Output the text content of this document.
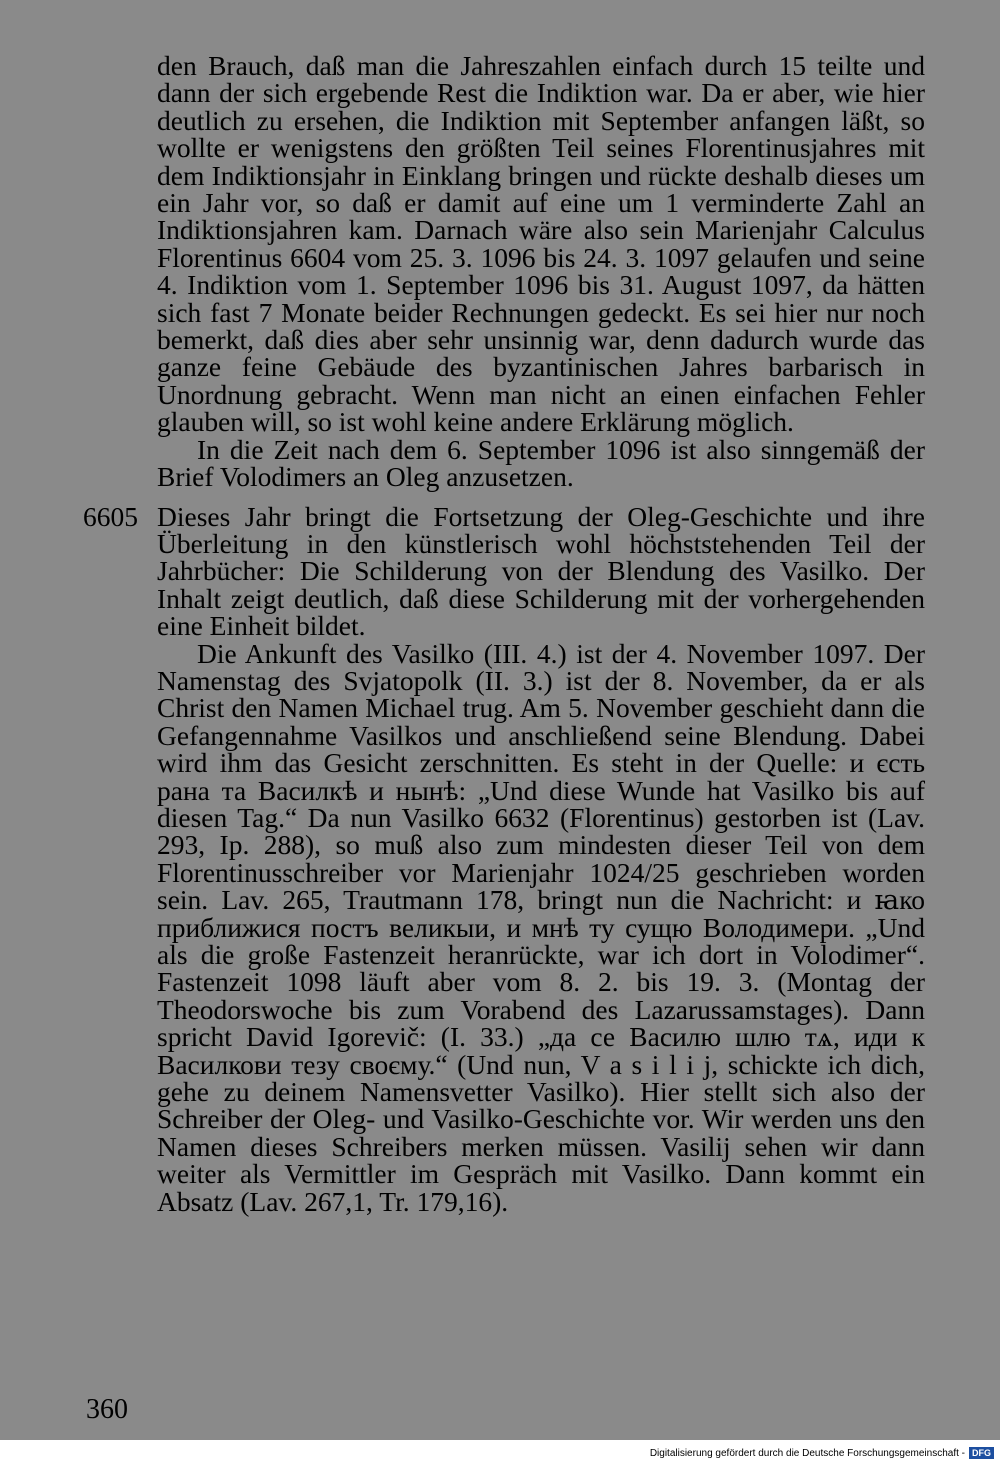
den Brauch, daß man die Jahreszahlen einfach durch 15 teilte und dann der sich ergebende Rest die Indiktion war. Da er aber, wie hier deutlich zu ersehen, die Indiktion mit September anfangen läßt, so wollte er wenigstens den größten Teil seines Florentinusjahres mit dem Indiktionsjahr in Einklang bringen und rückte deshalb dieses um ein Jahr vor, so daß er damit auf eine um 1 verminderte Zahl an Indiktionsjahren kam. Darnach wäre also sein Marienjahr Calculus Florentinus 6604 vom 25. 3. 1096 bis 24. 3. 1097 gelaufen und seine 4. Indiktion vom 1. September 1096 bis 31. August 1097, da hätten sich fast 7 Monate beider Rechnungen gedeckt. Es sei hier nur noch bemerkt, daß dies aber sehr unsinnig war, denn dadurch wurde das ganze feine Gebäude des byzantinischen Jahres barbarisch in Unordnung gebracht. Wenn man nicht an einen einfachen Fehler glauben will, so ist wohl keine andere Erklärung möglich.

In die Zeit nach dem 6. September 1096 ist also sinngemäß der Brief Volodimers an Oleg anzusetzen.

6605 Dieses Jahr bringt die Fortsetzung der Oleg-Geschichte und ihre Überleitung in den künstlerisch wohl höchststehenden Teil der Jahrbücher: Die Schilderung von der Blendung des Vasilko. Der Inhalt zeigt deutlich, daß diese Schilderung mit der vorhergehenden eine Einheit bildet.

Die Ankunft des Vasilko (III. 4.) ist der 4. November 1097. Der Namenstag des Svjatopolk (II. 3.) ist der 8. November, da er als Christ den Namen Michael trug. Am 5. November geschieht dann die Gefangennahme Vasilkos und anschließend seine Blendung. Dabei wird ihm das Gesicht zerschnitten. Es steht in der Quelle: и єсть рана та Василкѣ и нынѣ: „Und diese Wunde hat Vasilko bis auf diesen Tag.“ Da nun Vasilko 6632 (Florentinus) gestorben ist (Lav. 293, Ip. 288), so muß also zum mindesten dieser Teil von dem Florentinusschreiber vor Marienjahr 1024/25 geschrieben worden sein. Lav. 265, Trautmann 178, bringt nun die Nachricht: и ꙗко приближися постъ великыи, и мнѣ ту сущю Володимери. „Und als die große Fastenzeit heranrückte, war ich dort in Volodimer“. Fastenzeit 1098 läuft aber vom 8. 2. bis 19. 3. (Montag der Theodorswoche bis zum Vorabend des Lazarussamstages). Dann spricht David Igorevič: (I. 33.) „да се Василю шлю тѧ, иди к Василкови тезу своєму.“ (Und nun, V a s i l i j, schickte ich dich, gehe zu deinem Namensvetter Vasilko). Hier stellt sich also der Schreiber der Oleg- und Vasilko-Geschichte vor. Wir werden uns den Namen dieses Schreibers merken müssen. Vasilij sehen wir dann weiter als Vermittler im Gespräch mit Vasilko. Dann kommt ein Absatz (Lav. 267,1, Tr. 179,16).

360
Digitalisierung gefördert durch die Deutsche Forschungsgemeinschaft - DFG
